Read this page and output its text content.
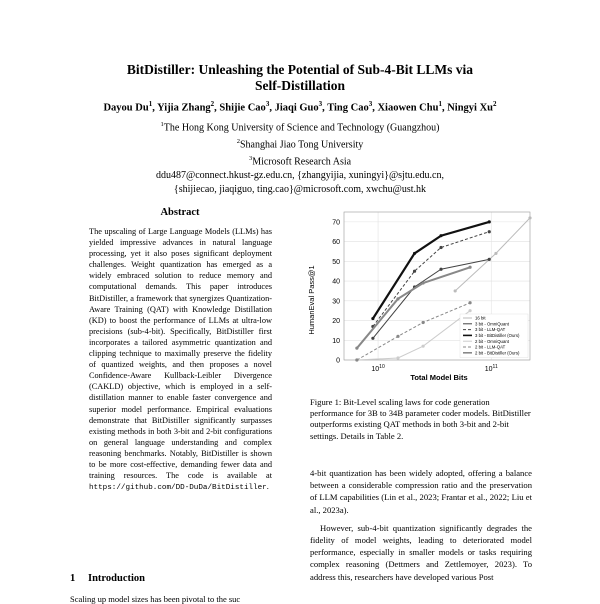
BitDistiller: Unleashing the Potential of Sub-4-Bit LLMs via
Self-Distillation
Dayou Du$^1$, Yijia Zhang$^2$, Shijie Cao$^3$, Jiaqi Guo$^3$, Ting Cao$^3$, Xiaowen Chu$^1$, Ningyi Xu$^2$
$^1$The Hong Kong University of Science and Technology (Guangzhou)
$^2$Shanghai Jiao Tong University
$^3$Microsoft Research Asia
ddu487@connect.hkust-gz.edu.cn, {zhangyijia, xuningyi}@sjtu.edu.cn,
{shijiecao, jiaqiguo, ting.cao}@microsoft.com, xwchu@ust.hk
Abstract
The upscaling of Large Language Models (LLMs) has yielded impressive advances in natural language processing, yet it also poses significant deployment challenges. Weight quantization has emerged as a widely embraced solution to reduce memory and computational demands. This paper introduces BitDistiller, a framework that synergizes Quantization-Aware Training (QAT) with Knowledge Distillation (KD) to boost the performance of LLMs at ultra-low precisions (sub-4-bit). Specifically, BitDistiller first incorporates a tailored asymmetric quantization and clipping technique to maximally preserve the fidelity of quantized weights, and then proposes a novel Confidence-Aware Kullback-Leibler Divergence (CAKLD) objective, which is employed in a self-distillation manner to enable faster convergence and superior model performance. Empirical evaluations demonstrate that BitDistiller significantly surpasses existing methods in both 3-bit and 2-bit configurations on general language understanding and complex reasoning benchmarks. Notably, BitDistiller is shown to be more cost-effective, demanding fewer data and training resources. The code is available at https://github.com/DD-DuDa/BitDistiller.
1 Introduction
Scaling up model sizes has been pivotal to the suc
0
10
20
30
40
50
60
70
$10^{10}$	$10^{11}$
16 bit
3 bit - OmniQuant
3 bit - LLM-QAT
3 bit - BitDistiller (Ours)
2 bit - OmniQuant
2 bit - LLM-QAT
2 bit - BitDistiller (Ours)
HumanEval Pass@1
Total Model Bits
Figure 1: Bit-Level scaling laws for code generation performance for 3B to 34B parameter coder models. BitDistiller outperforms existing QAT methods in both 3-bit and 2-bit settings. Details in Table 2.

4-bit quantization has been widely adopted, offering a balance between a considerable compression ratio and the preservation of LLM capabilities (Lin et al., 2023; Frantar et al., 2022; Liu et al., 2023a).

However, sub-4-bit quantization significantly degrades the fidelity of model weights, leading to deteriorated model performance, especially in smaller models or tasks requiring complex reasoning (Dettmers and Zettlemoyer, 2023). To address this, researchers have developed various Post
